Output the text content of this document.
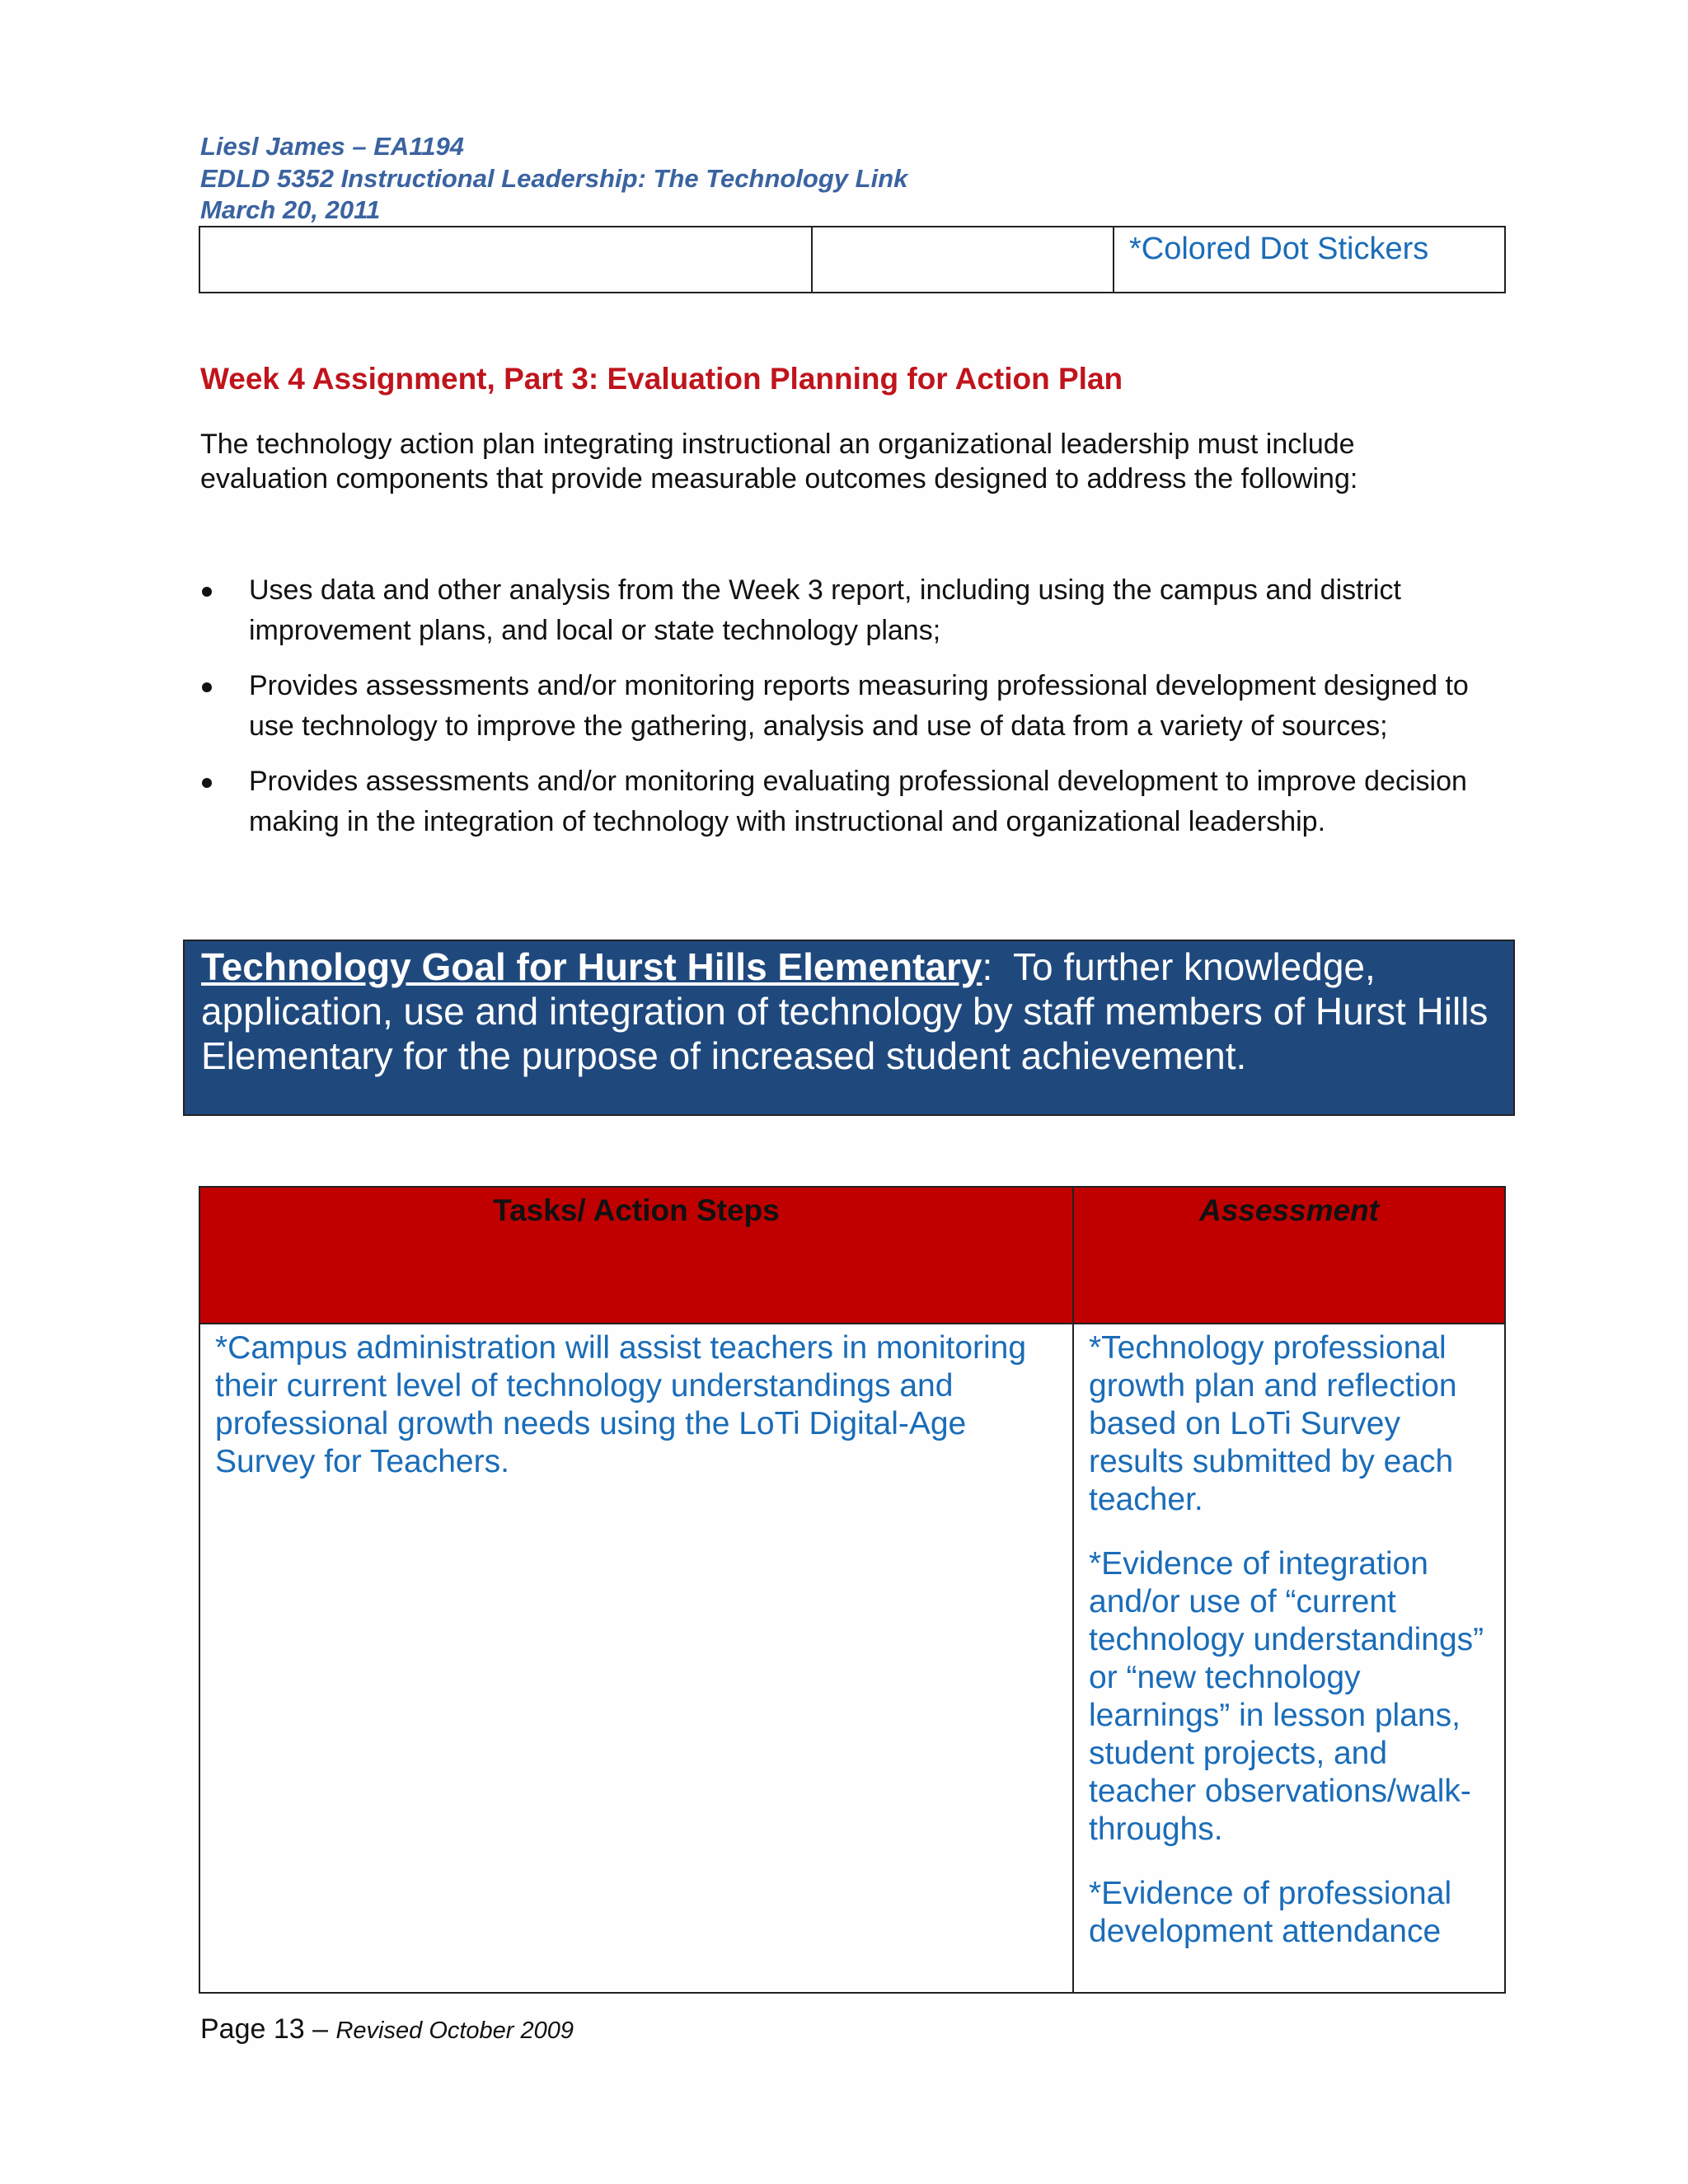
Liesl James – EA1194

EDLD 5352 Instructional Leadership: The Technology Link

March 20, 2011

		*Colored Dot Stickers
Week 4 Assignment, Part 3: Evaluation Planning for Action Plan

The technology action plan integrating instructional an organizational leadership must include evaluation components that provide measurable outcomes designed to address the following:

Uses data and other analysis from the Week 3 report, including using the campus and district improvement plans, and local or state technology plans;
Provides assessments and/or monitoring reports measuring professional development designed to use technology to improve the gathering, analysis and use of data from a variety of sources;
Provides assessments and/or monitoring evaluating professional development to improve decision making in the integration of technology with instructional and organizational leadership.
Technology Goal for Hurst Hills Elementary: To further knowledge, application, use and integration of technology by staff members of Hurst Hills Elementary for the purpose of increased student achievement.
Tasks/ Action Steps	Assessment
*Campus administration will assist teachers in monitoring their current level of technology understandings and professional growth needs using the LoTi Digital-Age Survey for Teachers.	*Technology professional growth plan and reflection based on LoTi Survey results submitted by each teacher.

*Evidence of integration and/or use of “current technology understandings” or “new technology learnings” in lesson plans, student projects, and teacher observations/walk-throughs.

*Evidence of professional development attendance

Page 13 – Revised October 2009
